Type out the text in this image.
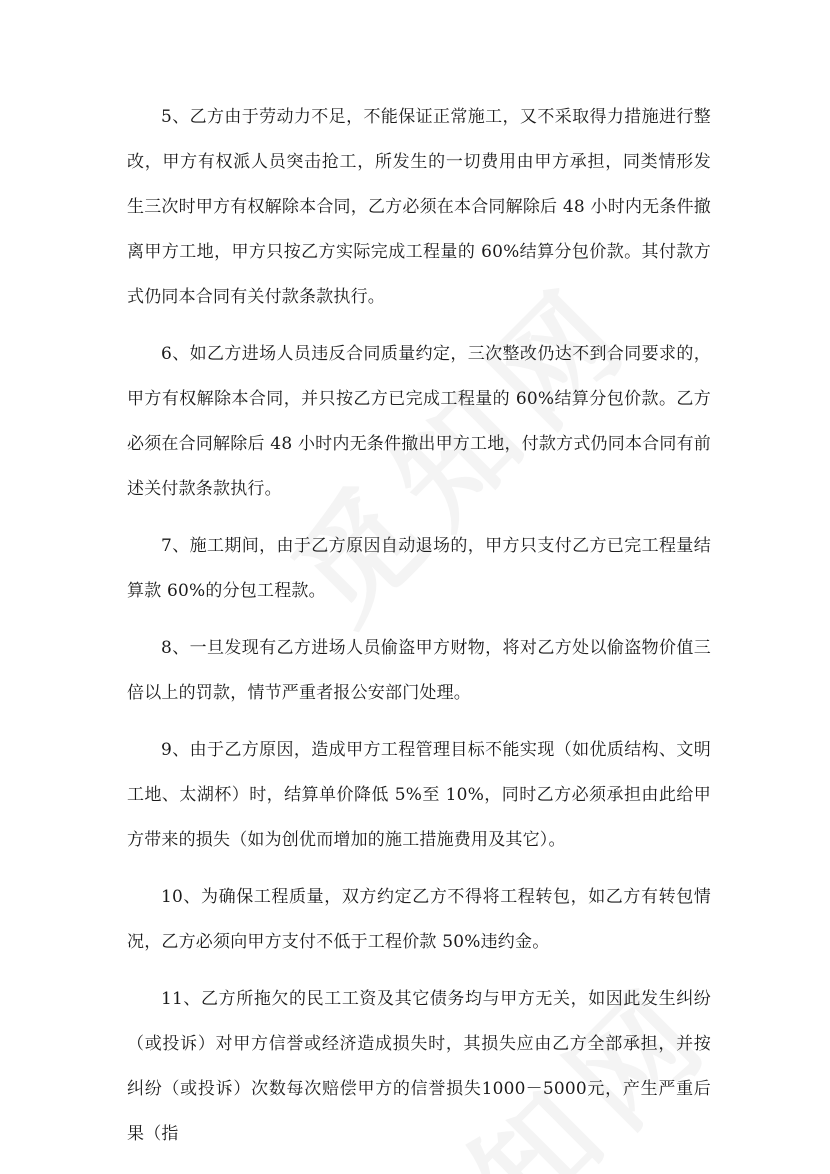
5、乙方由于劳动力不足，不能保证正常施工，又不采取得力措施进行整改，甲方有权派人员突击抢工，所发生的一切费用由甲方承担，同类情形发生三次时甲方有权解除本合同，乙方必须在本合同解除后 48 小时内无条件撤离甲方工地，甲方只按乙方实际完成工程量的 60%结算分包价款。其付款方式仍同本合同有关付款条款执行。

6、如乙方进场人员违反合同质量约定，三次整改仍达不到合同要求的，甲方有权解除本合同，并只按乙方已完成工程量的 60%结算分包价款。乙方必须在合同解除后 48 小时内无条件撤出甲方工地，付款方式仍同本合同有前述关付款条款执行。

7、施工期间，由于乙方原因自动退场的，甲方只支付乙方已完工程量结算款 60%的分包工程款。

8、一旦发现有乙方进场人员偷盗甲方财物，将对乙方处以偷盗物价值三倍以上的罚款，情节严重者报公安部门处理。

9、由于乙方原因，造成甲方工程管理目标不能实现（如优质结构、文明工地、太湖杯）时，结算单价降低 5%至 10%，同时乙方必须承担由此给甲方带来的损失（如为创优而增加的施工措施费用及其它）。

10、为确保工程质量，双方约定乙方不得将工程转包，如乙方有转包情况，乙方必须向甲方支付不低于工程价款 50%违约金。

11、乙方所拖欠的民工工资及其它债务均与甲方无关，如因此发生纠纷（或投诉）对甲方信誉或经济造成损失时，其损失应由乙方全部承担，并按纠纷（或投诉）次数每次赔偿甲方的信誉损失1000－5000元，产生严重后果（指
